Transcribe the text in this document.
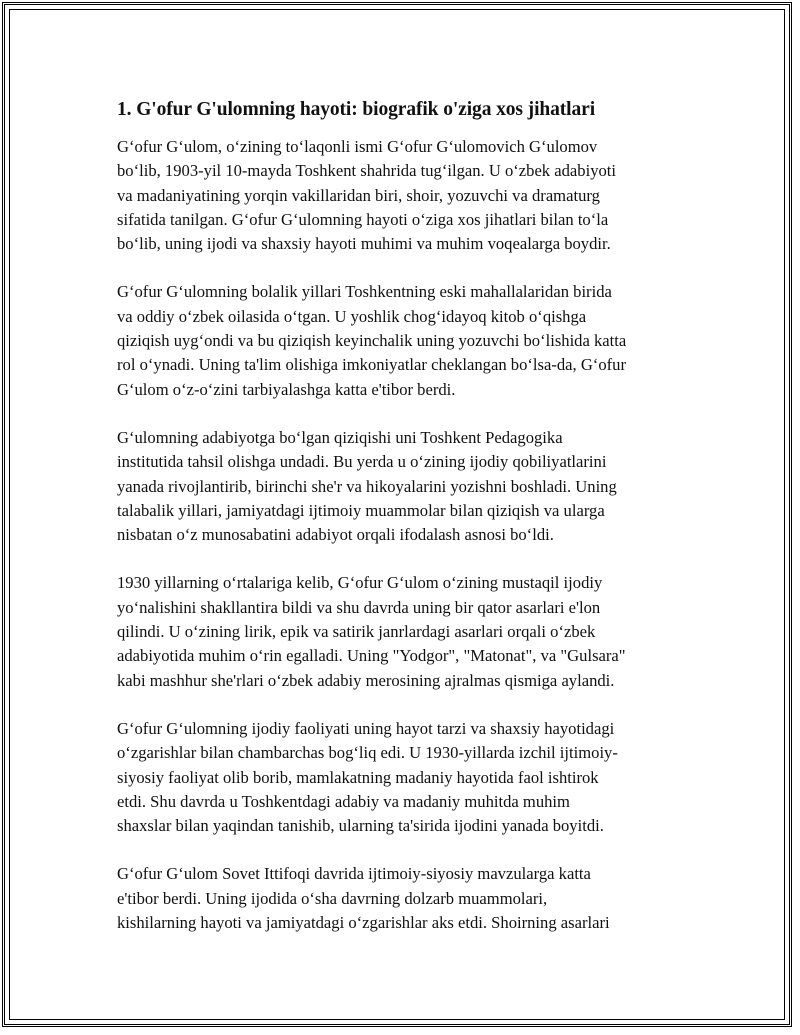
1. G'ofur G'ulomning hayoti: biografik o'ziga xos jihatlari

Gʻofur Gʻulom, oʻzining toʻlaqonli ismi Gʻofur Gʻulomovich Gʻulomov
boʻlib, 1903-yil 10-mayda Toshkent shahrida tugʻilgan. U oʻzbek adabiyoti
va madaniyatining yorqin vakillaridan biri, shoir, yozuvchi va dramaturg
sifatida tanilgan. Gʻofur Gʻulomning hayoti oʻziga xos jihatlari bilan toʻla
boʻlib, uning ijodi va shaxsiy hayoti muhimi va muhim voqealarga boydir.

Gʻofur Gʻulomning bolalik yillari Toshkentning eski mahallalaridan birida
va oddiy oʻzbek oilasida oʻtgan. U yoshlik chogʻidayoq kitob oʻqishga
qiziqish uygʻondi va bu qiziqish keyinchalik uning yozuvchi boʻlishida katta
rol oʻynadi. Uning ta'lim olishiga imkoniyatlar cheklangan boʻlsa-da, Gʻofur
Gʻulom oʻz-oʻzini tarbiyalashga katta e'tibor berdi.

Gʻulomning adabiyotga boʻlgan qiziqishi uni Toshkent Pedagogika
institutida tahsil olishga undadi. Bu yerda u oʻzining ijodiy qobiliyatlarini
yanada rivojlantirib, birinchi she'r va hikoyalarini yozishni boshladi. Uning
talabalik yillari, jamiyatdagi ijtimoiy muammolar bilan qiziqish va ularga
nisbatan oʻz munosabatini adabiyot orqali ifodalash asnosi boʻldi.

1930 yillarning oʻrtalariga kelib, Gʻofur Gʻulom oʻzining mustaqil ijodiy
yoʻnalishini shakllantira bildi va shu davrda uning bir qator asarlari e'lon
qilindi. U oʻzining lirik, epik va satirik janrlardagi asarlari orqali oʻzbek
adabiyotida muhim oʻrin egalladi. Uning "Yodgor", "Matonat", va "Gulsara"
kabi mashhur she'rlari oʻzbek adabiy merosining ajralmas qismiga aylandi.

Gʻofur Gʻulomning ijodiy faoliyati uning hayot tarzi va shaxsiy hayotidagi
oʻzgarishlar bilan chambarchas bogʻliq edi. U 1930-yillarda izchil ijtimoiy-
siyosiy faoliyat olib borib, mamlakatning madaniy hayotida faol ishtirok
etdi. Shu davrda u Toshkentdagi adabiy va madaniy muhitda muhim
shaxslar bilan yaqindan tanishib, ularning ta'sirida ijodini yanada boyitdi.

Gʻofur Gʻulom Sovet Ittifoqi davrida ijtimoiy-siyosiy mavzularga katta
e'tibor berdi. Uning ijodida oʻsha davrning dolzarb muammolari,
kishilarning hayoti va jamiyatdagi oʻzgarishlar aks etdi. Shoirning asarlari
